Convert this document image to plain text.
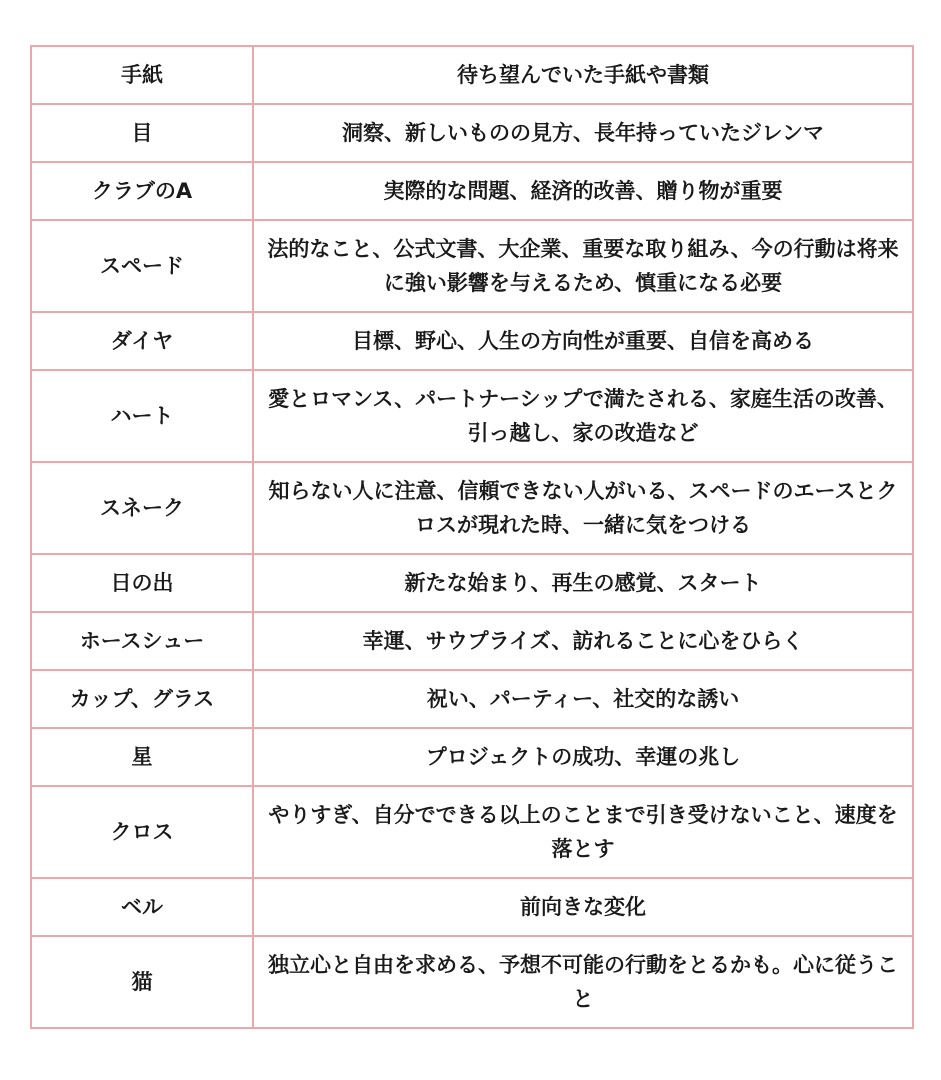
手紙	待ち望んでいた手紙や書類
目	洞察、新しいものの見方、長年持っていたジレンマ
クラブのA	実際的な問題、経済的改善、贈り物が重要
スペード	法的なこと、公式文書、大企業、重要な取り組み、今の行動は将来に強い影響を与えるため、慎重になる必要
ダイヤ	目標、野心、人生の方向性が重要、自信を高める
ハート	愛とロマンス、パートナーシップで満たされる、家庭生活の改善、引っ越し、家の改造など
スネーク	知らない人に注意、信頼できない人がいる、スペードのエースとクロスが現れた時、一緒に気をつける
日の出	新たな始まり、再生の感覚、スタート
ホースシュー	幸運、サウプライズ、訪れることに心をひらく
カップ、グラス	祝い、パーティー、社交的な誘い
星	プロジェクトの成功、幸運の兆し
クロス	やりすぎ、自分でできる以上のことまで引き受けないこと、速度を落とす
ベル	前向きな変化
猫	独立心と自由を求める、予想不可能の行動をとるかも。心に従うこと
